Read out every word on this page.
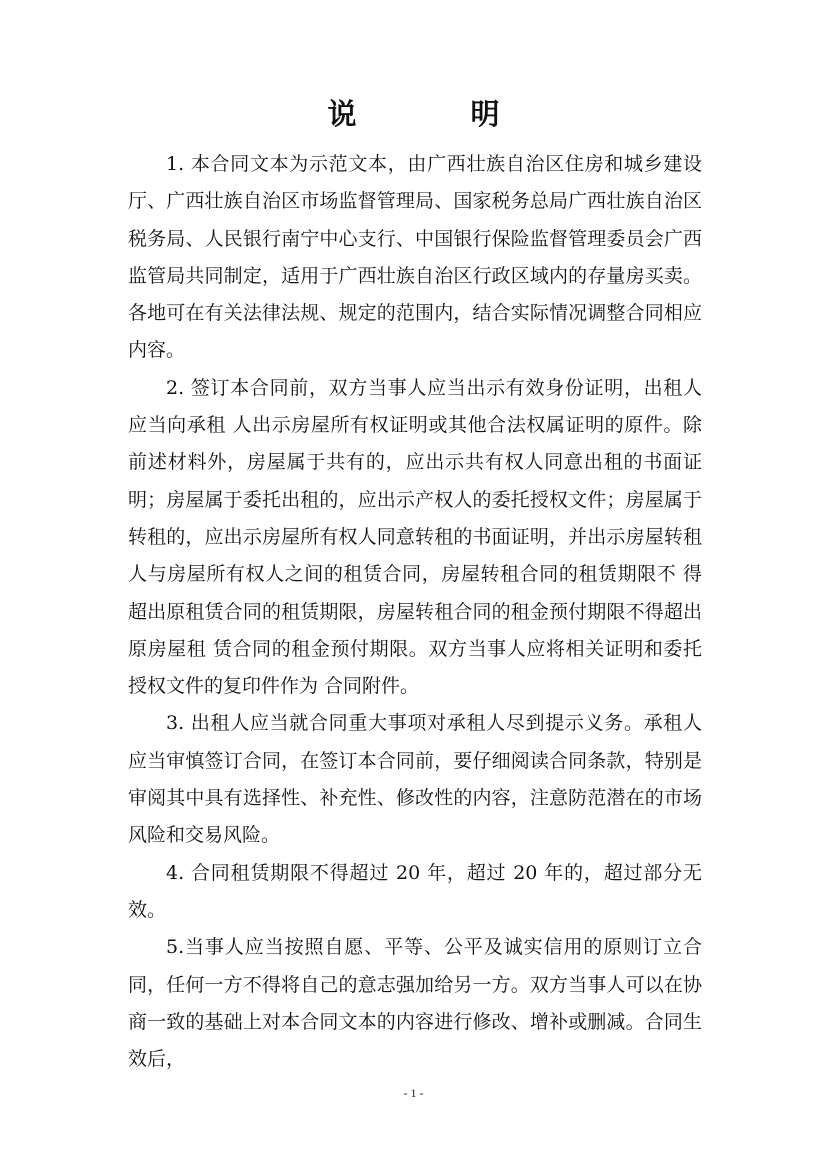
说 明

1. 本合同文本为示范文本，由广西壮族自治区住房和城乡建设厅、广西壮族自治区市场监督管理局、国家税务总局广西壮族自治区税务局、人民银行南宁中心支行、中国银行保险监督管理委员会广西监管局共同制定，适用于广西壮族自治区行政区域内的存量房买卖。各地可在有关法律法规、规定的范围内，结合实际情况调整合同相应内容。

2. 签订本合同前，双方当事人应当出示有效身份证明，出租人应当向承租 人出示房屋所有权证明或其他合法权属证明的原件。除前述材料外，房屋属于共有的，应出示共有权人同意出租的书面证明；房屋属于委托出租的，应出示产权人的委托授权文件；房屋属于转租的，应出示房屋所有权人同意转租的书面证明，并出示房屋转租人与房屋所有权人之间的租赁合同，房屋转租合同的租赁期限不 得超出原租赁合同的租赁期限，房屋转租合同的租金预付期限不得超出原房屋租 赁合同的租金预付期限。双方当事人应将相关证明和委托授权文件的复印件作为 合同附件。

3. 出租人应当就合同重大事项对承租人尽到提示义务。承租人应当审慎签订合同，在签订本合同前，要仔细阅读合同条款，特别是审阅其中具有选择性、补充性、修改性的内容，注意防范潜在的市场风险和交易风险。

4. 合同租赁期限不得超过 20 年，超过 20 年的，超过部分无效。

5.当事人应当按照自愿、平等、公平及诚实信用的原则订立合同，任何一方不得将自己的意志强加给另一方。双方当事人可以在协商一致的基础上对本合同文本的内容进行修改、增补或删减。合同生效后，

- 1 -
